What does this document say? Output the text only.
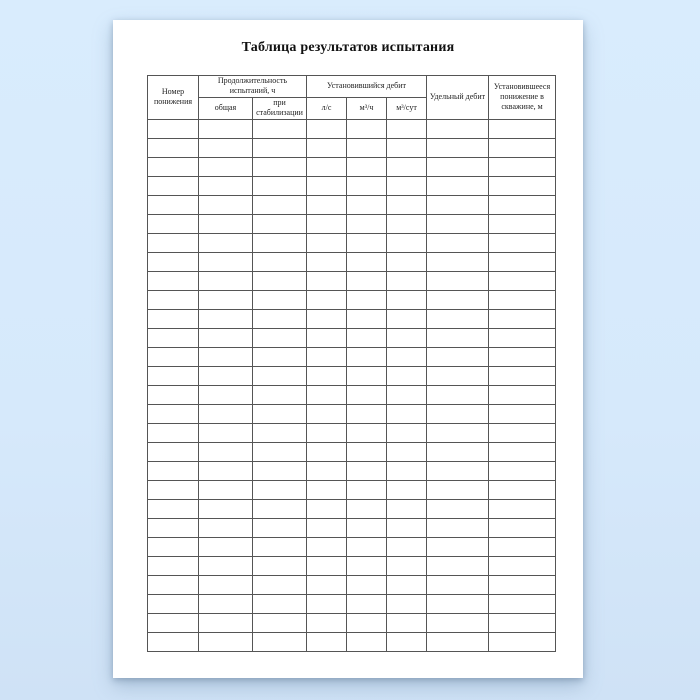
Таблица результатов испытания
Номер понижения	Продолжительность испытаний, ч		Установившийся дебит			Удельный дебит	Установившееся понижение в скважине, м
	общая	при стабилизации	л/с	м³/ч	м³/сут		
